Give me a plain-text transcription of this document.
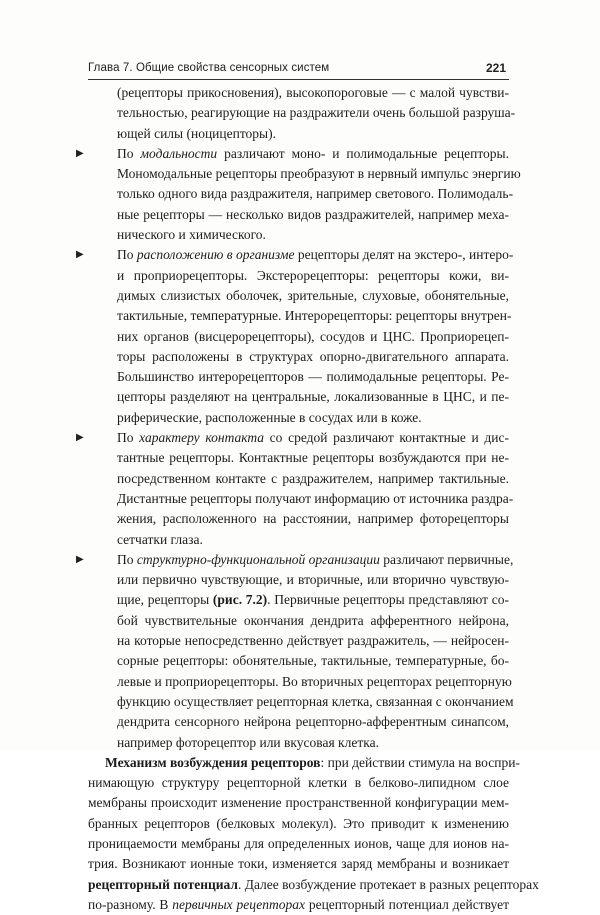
Глава 7. Общие свойства сенсорных систем	221
(рецепторы прикосновения), высокопороговые — с малой чувстви-
тельностью, реагирующие на раздражители очень большой разруша-
ющей силы (ноцицепторы).
▶ По модальности различают моно- и полимодальные рецепторы.
Мономодальные рецепторы преобразуют в нервный импульс энергию
только одного вида раздражителя, например светового. Полимодаль-
ные рецепторы — несколько видов раздражителей, например меха-
нического и химического.
▶ По расположению в организме рецепторы делят на экстеро-, интеро-
и проприорецепторы. Экстерорецепторы: рецепторы кожи, ви-
димых слизистых оболочек, зрительные, слуховые, обонятельные,
тактильные, температурные. Интерорецепторы: рецепторы внутрен-
них органов (висцерорецепторы), сосудов и ЦНС. Проприорецеп-
торы расположены в структурах опорно-двигательного аппарата.
Большинство интерорецепторов — полимодальные рецепторы. Ре-
цепторы разделяют на центральные, локализованные в ЦНС, и пе-
риферические, расположенные в сосудах или в коже.
▶ По характеру контакта со средой различают контактные и дис-
тантные рецепторы. Контактные рецепторы возбуждаются при не-
посредственном контакте с раздражителем, например тактильные.
Дистантные рецепторы получают информацию от источника раздра-
жения, расположенного на расстоянии, например фоторецепторы
сетчатки глаза.
▶ По структурно-функциональной организации различают первичные,
или первично чувствующие, и вторичные, или вторично чувствую-
щие, рецепторы (рис. 7.2). Первичные рецепторы представляют со-
бой чувствительные окончания дендрита афферентного нейрона,
на которые непосредственно действует раздражитель, — нейросен-
сорные рецепторы: обонятельные, тактильные, температурные, бо-
левые и проприорецепторы. Во вторичных рецепторах рецепторную
функцию осуществляет рецепторная клетка, связанная с окончанием
дендрита сенсорного нейрона рецепторно-афферентным синапсом,
например фоторецептор или вкусовая клетка.
Механизм возбуждения рецепторов: при действии стимула на воспри-
нимающую структуру рецепторной клетки в белково-липидном слое
мембраны происходит изменение пространственной конфигурации мем-
бранных рецепторов (белковых молекул). Это приводит к изменению
проницаемости мембраны для определенных ионов, чаще для ионов на-
трия. Возникают ионные токи, изменяется заряд мембраны и возникает
рецепторный потенциал. Далее возбуждение протекает в разных рецепторах
по-разному. В первичных рецепторах рецепторный потенциал действует
